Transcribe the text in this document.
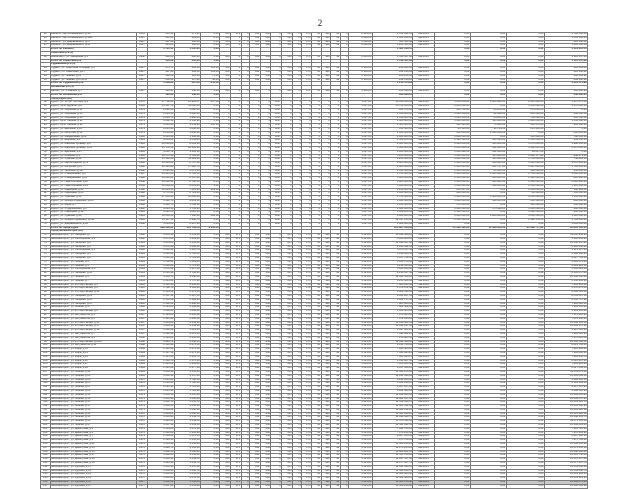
2
28	Рыльск г, пер Кочановского, д.10	1934	335,10	271,90	0,00	556	872	0	334	630	0	415	70	270	50	380	42	0	2 521,00	1 782 092,10	Авг.2019	0,00	0,00	0,00	1 782 092,10
29	Рыльск г, пер Кочановского, д.39/2	1917	512,60	289,00	0,00	556	0	0	334	630	0	415	70	270	50	380	42	0	2 090,00	1 009 184,05	Авг.2019	0,00	0,00	0,00	1 009 184,05
30	Рыльск г, ул. Дзержинского, д.17	1917	457,40	306,40	0,00	556	0	0	334	630	0	415	70	270	50	380	42	0	2 090,00	526 540,40	Авг.2019	0,00	0,00	0,00	526 540,40
31	Рыльск г, ул. Дзержинского, д.35	1917	415,00	338,00	0,00	556	0	0	334	630	0	415	70	270	50	380	42	0	2 090,00	1 263 500,00	Авг.2019	0,00	0,00	0,00	1 263 500,00
	Итого по Рыльск г		1 720,10	1 205,30	0,00															4 581 316,55		0,00	0,00	0,00	4 581 316,55
	Советский р-н (1)																								
32	Кшенский п, ул. Заводская, д.5	1952	436,00	402,00	0,00	556	0	0	334	630	0	415	70	270	50	380	42	0	2 895,00	1 116 457,80	Авг.2019	0,00	0,00	0,00	1 116 457,80
	Итого по Советский р-н		436,00	402,00	0,00															1 116 457,80		0,00	0,00	0,00	1 116 457,80
	Суджанский р-н (4)																								
33	Суджа г, ул. Советская площадь, д.4	1917	375,70	218,80	115,00	556	0	0	334	630	0	415	70	270	50	380	42	0	2 110,00	218 869,06	Авг.2019	0,00	0,00	0,00	218 869,06
34	Суджа г, пл. Советская, д.27	1917	307,00	194,40	112,80	556	0	0	334	630	0	415	70	270	50	380	42	0	2 110,00	412 196,82	Авг.2019	0,00	0,00	0,00	412 196,82
35	Суджа г, ул. Ленина, д.10	1917	198,00	116,30	71,60	556	0	0	334	630	0	415	70	270	50	380	42	0	2 110,00	286 269,90	Авг.2019	0,00	0,00	0,00	286 269,90
36	Суджа г, ул. Ленина, д.9 лит.Б	1917	208,90	167,80	42,00	556	0	0	334	630	0	415	70	270	50	380	42	0	2 110,00	299 138,20	Авг.2019	0,00	0,00	0,00	299 138,20
	Итого по Суджанский р-н		1 089,60	697,30	341,40															1 216 474,98		0,00	0,00	0,00	1 216 474,98
	Фатежский р-н (1)																								
37	Фатеж г, ул. К.Маркса, д.7	1917	196,00	148,50	0,00	556	0	0	334	0	0	415	70	270	50	380	42	0	2 110,00	336 696,00	Авг.2019	0,00	0,00	0,00	336 696,00
	Итого по Фатежский р-н		196,00	148,50	0,00															336 696,00		0,00	0,00	0,00	336 696,00
	город Курск (26)																								
38	Курск г, ул. 50 лет Октября, д.3	1976	27 782,20	21 993,07	317,50	0	0	0	0	0	1227	0	0	0	0	0	0	0	1 227,00	16 650 000,00	Авг.2019	1 264 656,00	1 683 360,00	8 343 686,00	5 357 276,00
39	Курск г, пр-кт Дружбы, д.2	1939	13 467,70	11 038,80	0,00	0	0	0	0	0	1227	0	0	0	0	0	0	0	1 227,00	15 720 000,00	Авг.2019	2 800 000,00	0,00	3 450 000,00	3 470 000,00
40	Курск г, ул. Сергеева, д.11	1979	2 821,50	1 892,10	0,00	0	0	0	0	0	1227	0	0	0	0	0	0	0	1 227,00	400 700,00	Авг.2019	400 700,00	86 256,00	274 864,00	0,00
41	Курск г, ул. Сергеева, д.13	1979	2 816,40	1 892,10	0,00	0	0	0	0	0	1227	0	0	0	0	0	0	0	1 227,00	4 650 000,00	Авг.2019	1 630 000,00	82 648,00	840 000,00	298 000,00
42	Курск г, ул. Сергеева, д.14	1979	2 863,70	1 938,40	0,00	0	0	0	0	0	1227	0	0	0	0	0	0	0	1 227,00	4 650 000,00	Авг.2019	1 615 950,00	84 260,00	780 000,00	364 790,00
43	Курск г, пр-кт Ленина, д.91	1973	4 002,30	3 160,90	0,00	0	0	0	0	0	1227	0	0	0	0	0	0	0	1 227,00	4 800 000,00	Авг.2019	1 020 000,00	110 000,00	1 620 000,00	3 050 000,00
44	Курск г, пр-кт Ленина, д.93	1973	4 013,40	3 659,80	145,00	0	0	0	0	0	1227	0	0	0	0	0	0	0	1 227,00	4 500 000,00	Авг.2019	500 123,00	73 000,00	400 678,00	389 180,00
45	Курск г, ул. Щепкина, д.19	1979	2 815,40	1 885,00	0,00	0	0	0	0	0	1227	0	0	0	0	0	0	0	1 227,00	910 460,00	Авг.2019	83 531,00	90 724,00	215 210,00	0,00
46	Курск г, ул. Ватутина, д.14	1975	2 860,20	1 858,20	0,00	0	0	0	0	0	1227	0	0	0	0	0	0	0	1 227,00	2 300 000,00	Авг.2019	350 000,00	1 450 000,00	0,00	500 000,00
47	Курск г, ул. Менделеева, д.28	1985	4 014,30	3 160,00	0,00	0	0	0	0	0	1227	0	0	0	0	0	0	0	1 227,00	2 900 000,00	Авг.2019	1 800 000,00	0,00	310 000,00	790 000,00
48	Курск г, ул. Широкая, д.2	1981	4 854,90	3 654,80	0,00	0	0	0	0	0	1227	0	0	0	0	0	0	0	1 227,00	2 600 000,00	Авг.2019	1 306 142,00	180 496,00	1 150 000,00	363 456,00
49	Курск г, ул. Майский бульвар, д.9	1985	10 063,80	8 089,20	0,00	0	0	0	0	0	1227	0	0	0	0	0	0	0	1 227,00	4 600 000,00	Авг.2019	1 404 650,00	123 000,00	1 073 885,00	1 998 465,00
50	Курск г, ул. Майский бульвар, д.16	1986	13 178,50	10 484,90	0,00	0	0	0	0	0	1227	0	0	0	0	0	0	0	1 227,00	5 600 000,00	Авг.2019	1 256 000,00	162 000,00	1 910 000,00	2 272 000,00
51	Курск г, ул. Щепкина, д.27	1983	4 012,70	3 165,30	0,00	0	0	0	0	0	1227	0	0	0	0	0	0	0	1 227,00	2 180 000,00	Авг.2019	2 040 980,00	102 000,00	84 647,00	0,00
52	Курск г, ул. Блинова, д.9	1989	12 272,10	9 784,80	0,00	0	0	0	0	0	1227	0	0	0	0	0	0	0	1 227,00	5 200 000,00	Авг.2019	1 520 000,00	115 000,00	2 691 177,00	948 273,00
53	Курск г, ул. Сумская, д.42	1984	14 542,60	11 489,20	0,00	0	0	0	0	0	1227	0	0	0	0	0	0	0	1 227,00	8 200 000,00	Авг.2019	3 200 000,00	500 000,00	3 750 000,00	750 000,00
54	Курск г, ул. Карла Маркса, д.73	1986	11 046,60	8 757,30	0,00	0	0	0	0	0	1227	0	0	0	0	0	0	0	1 227,00	8 600 000,00	Авг.2019	1 980 000,00	310 000,00	4 440 000,00	1 870 000,00
55	Курск г, ул. Косухина, д.27	1988	30 120,80	17 228,70	0,00	0	0	0	0	0	1227	0	0	0	0	0	0	0	1 227,00	9 600 000,00	Авг.2019	2 661 040,00	651 717,00	3 647 210,00	1 740 033,00
56	Курск г, ул. Энгельса, д.127	1988	2 826,30	1 874,30	0,00	0	0	0	0	0	1227	0	0	0	0	0	0	0	1 227,00	2 300 000,00	Авг.2019	1 380 000,00	80 000,00	590 000,00	250 000,00
57	Курск г, ул. Станционная, д.8	1987	11 023,50	8 792,50	0,00	0	0	0	0	0	1227	0	0	0	0	0	0	0	1 227,00	6 700 000,00	Авг.2019	2 000 000,00	1 000 000,00	2 700 000,00	1 000 000,00
58	Курск г, ул. Станционная, д.10	1989	10 685,60	8 547,40	0,00	0	0	0	0	0	1227	0	0	0	0	0	0	0	1 227,00	5 400 000,00	Авг.2019	2 100 000,00	150 000,00	2 321 620,00	828 380,00
59	Курск г, ул. Парк Солянка, д.10	1988	11 020,10	8 790,50	0,00	0	0	0	0	0	1227	0	0	0	0	0	0	0	1 227,00	8 800 000,00	Авг.2019	1 900 000,00	400 000,00	4 500 000,00	2 000 000,00
60	Курск г, ул. Парк Солянка, д.14	1989	11 069,00	8 833,80	0,00	0	0	0	0	0	1227	0	0	0	0	0	0	0	1 227,00	5 900 000,00	Авг.2019	1 630 000,00	310 000,00	2 650 000,00	1 310 000,00
61	Курск г, ул. Радищева, д.61	1992	11 644,50	7 235,90	913,60	0	0	0	0	0	1227	0	0	0	0	0	0	0	1 227,00	3 200 000,00	Авг.2019	251 017,00	0,00	1 950 000,00	998 983,00
62	Курск г, ул. Радищева, д.63	1992	4 776,50	2 719,40	0,00	0	0	0	0	0	1227	0	0	0	0	0	0	0	1 227,00	1 900 000,00	Авг.2019	620 000,00	0,00	780 000,00	500 000,00
63	Курск г, ул. Сумская, д.51	1990	17 069,40	12 866,00	0,00	0	0	0	0	0	1227	0	0	0	0	0	0	0	1 227,00	9 700 000,00	Авг.2019	2 400 000,00	1 400 000,00	4 600 000,00	1 300 000,00
64	Курск г, ул. Бойцов 9 Дивизии, д.187	1990	6 330,70	4 863,10	0,00	0	0	0	0	0	1227	0	0	0	0	0	0	0	1 227,00	3 600 000,00	Авг.2019	1 660 000,00	340 000,00	800 000,00	800 000,00
65	Курск г, ул. Мира, д.7	1992	4 938,70	3 796,10	0,00	0	0	0	0	0	1227	0	0	0	0	0	0	0	1 227,00	1 120 000,00	Авг.2019	570 000,00	0,00	420 000,00	130 000,00
66	Курск г, ул. Студенческая, д.3	1992	4 820,10	3 731,20	0,00	0	0	0	0	0	1227	0	0	0	0	0	0	0	1 227,00	2 800 000,00	Авг.2019	1 000 000,00	175 998,00	1 224 002,00	400 000,00
67	Курск г, ул. Радищева, д.32	1993	4 822,60	3 826,30	0,00	0	0	0	0	0	1227	0	0	0	0	0	0	0	1 227,00	2 600 000,00	Авг.2019	1 100 000,00	0,00	1 098 000,00	402 000,00
68	Курск г, ул. Сумская, д.39	1993	10 666,50	7 190,20	663,00	0	0	0	0	0	1227	0	0	0	0	0	0	0	1 227,00	8 060 000,00	Авг.2019	1 850 000,00	1 800 000,00	3 200 000,00	1 210 000,00
69	Курск г, ул. Бойцов 9 Дивизии, д.191	1994	15 117,10	8 996,70	0,00	0	0	0	0	0	1227	0	0	0	0	0	0	0	1 227,00	12 637 154,00	Авг.2019	2 510 000,00	0,00	8 422 550,00	1 704 604,00
70	Курск г, ул. Дзержинского, д.81	1958	3 216,60	2 437,90	0,00	0	0	0	0	0	1227	0	0	0	0	0	0	0	1 227,00	1 800 000,00	Авг.2019	0,00	0,00	0,00	1 800 000,00
	Итого по город Курск		296 066,30	221 709,56	2 018,50															165 837 614,00		45 306 193,00	10 038 000,00	65 682 777,00	35 813 195,00
	город Железногорск (66)																								
71	Железногорск г, ул. Гагарина, д.7	1962	3 953,30	3 553,30	0,00	556	975	0	334	630	0	415	70	270	50	380	42	0	3 521,00	11 098 959,20	Авг.2019	0,00	0,00	0,00	11 098 959,20
72	Железногорск г, ул. Октябрьская, д.2	1962	1 675,60	1 419,60	0,00	556	975	0	334	630	0	415	70	270	50	380	42	0	3 521,00	5 300 000,00	Авг.2019	0,00	0,00	0,00	5 300 000,00
73	Железногорск г, ул. Гагарина, д.6	1961	3 953,80	3 433,80	0,00	556	975	0	334	630	0	415	70	270	50	380	42	0	3 521,00	12 090 347,80	Авг.2019	0,00	0,00	0,00	12 090 347,80
74	Железногорск г, ул. Гагарина, д.3	1962	1 672,50	1 402,00	0,00	556	975	0	334	630	0	415	70	270	50	380	42	0	3 521,00	4 936 442,00	Авг.2019	0,00	0,00	0,00	4 936 442,00
75	Железногорск г, ул. Октябрьская, д.4	1962	1 681,90	1 412,70	0,00	556	975	0	334	630	0	415	70	270	50	380	42	0	3 521,00	4 974 117,00	Авг.2019	0,00	0,00	0,00	4 974 117,00
76	Железногорск г, ул. Гагарина, д.5	1963	2 013,00	1 760,40	0,00	556	975	0	334	630	0	415	70	270	50	380	42	0	3 521,00	6 198 368,40	Авг.2019	0,00	0,00	0,00	6 198 368,40
77	Железногорск г, ул. Гагарина, д.9	1963	1 994,10	1 709,10	0,00	556	975	0	334	630	0	415	70	270	50	380	42	0	3 521,00	6 017 741,10	Авг.2019	0,00	0,00	0,00	6 017 741,10
78	Железногорск г, ул. Ленина, д.5	1963	1 788,90	1 599,00	0,00	556	975	0	334	630	0	415	70	270	50	380	42	0	3 521,00	5 630 079,00	Авг.2019	0,00	0,00	0,00	5 630 079,00
79	Железногорск г, ул. Ленина, д.9	1964	2 018,80	1 772,20	0,00	556	975	0	334	630	0	415	70	270	50	380	42	0	3 521,00	6 239 916,20	Авг.2019	0,00	0,00	0,00	6 239 916,20
80	Железногорск г, ул. Октябрьская, д.8	1963	1 678,40	1 437,10	0,00	556	975	0	334	630	0	415	70	270	50	380	42	0	3 521,00	5 060 029,10	Авг.2019	0,00	0,00	0,00	5 060 029,10
81	Железногорск г, ул. Гагарина, д.11	1964	2 016,90	1 769,40	0,00	556	975	0	334	630	0	415	70	270	50	380	42	0	3 521,00	6 230 057,40	Авг.2019	0,00	0,00	0,00	6 230 057,40
82	Железногорск г, ул. Ленина, д.3	1963	3 954,70	3 548,00	0,00	556	975	0	334	630	0	415	70	270	50	380	42	0	3 521,00	12 492 508,00	Авг.2019	0,00	0,00	0,00	12 492 508,00
83	Железногорск г, ул. Ленина, д.7	1964	2 019,60	1 776,90	0,00	556	975	0	334	630	0	415	70	270	50	380	42	0	3 521,00	6 256 464,90	Авг.2019	0,00	0,00	0,00	6 256 464,90
84	Железногорск г, ул. 21 Партсъезда, д.5	1965	2 511,40	2 262,40	0,00	556	975	0	334	630	0	415	70	270	50	380	42	0	3 521,00	7 965 910,40	Авг.2019	0,00	0,00	0,00	7 965 910,40
85	Железногорск г, ул. 21 Партсъезда, д.6	1965	1 798,70	1 584,40	0,00	556	975	0	334	630	0	415	70	270	50	380	42	0	3 521,00	5 578 672,40	Авг.2019	0,00	0,00	0,00	5 578 672,40
86	Железногорск г, ул. 21 Партсъезда, д.11	1966	2 514,50	2 274,50	0,00	556	975	0	334	630	0	415	70	270	50	380	42	0	3 521,00	8 008 514,50	Авг.2019	0,00	0,00	0,00	8 008 514,50
87	Железногорск г, ул. Гагарина, д.13	1966	2 557,50	2 287,50	0,00	556	975	0	334	630	0	415	70	270	50	380	42	0	3 521,00	8 054 287,50	Авг.2019	0,00	0,00	0,00	8 054 287,50
88	Железногорск г, ул. Гагарина, д.15	1966	2 551,90	2 289,90	0,00	556	975	0	334	630	0	415	70	270	50	380	42	0	3 521,00	8 062 737,90	Авг.2019	0,00	0,00	0,00	8 062 737,90
89	Железногорск г, ул. Гагарина, д.17	1966	2 532,00	2 268,00	0,00	556	975	0	334	630	0	415	70	270	50	380	42	0	3 521,00	7 985 628,00	Авг.2019	0,00	0,00	0,00	7 985 628,00
90	Железногорск г, ул. Ленина, д.17	1966	2 523,00	2 262,00	0,00	556	975	0	334	630	0	415	70	270	50	380	42	0	3 521,00	7 964 502,00	Авг.2019	0,00	0,00	0,00	7 964 502,00
91	Железногорск г, ул. 21 Партсъезда, д.9	1966	1 681,00	1 409,80	0,00	556	975	0	334	630	0	415	70	270	50	380	42	0	3 521,00	4 963 905,80	Авг.2019	0,00	0,00	0,00	4 963 905,80
92	Железногорск г, ул. Энтузиастов, д.3	1967	2 529,80	2 265,00	0,00	556	975	0	334	630	0	415	70	270	50	380	42	0	3 521,00	7 975 065,00	Авг.2019	0,00	0,00	0,00	7 975 065,00
93	Железногорск г, ул. Энтузиастов, д.5	1967	2 495,00	2 236,00	0,00	556	975	0	334	630	0	415	70	270	50	380	42	0	3 521,00	7 872 956,00	Авг.2019	0,00	0,00	0,00	7 872 956,00
94	Железногорск г, ул. 21 Партсъезда, д.15	1967	3 954,00	3 549,10	0,00	556	975	0	334	630	0	415	70	270	50	380	42	0	3 521,00	12 496 381,10	Авг.2019	0,00	0,00	0,00	12 496 381,10
95	Железногорск г, ул. 21 Партсъезда, д.17	1967	3 960,40	3 549,90	0,00	556	975	0	334	630	0	415	70	270	50	380	42	0	3 521,00	12 499 197,90	Авг.2019	0,00	0,00	0,00	12 499 197,90
96	Железногорск г, ул. 21 Партсъезда, д.19	1967	1 692,00	1 419,20	0,00	556	975	0	334	630	0	415	70	270	50	380	42	0	3 521,00	4 997 003,20	Авг.2019	0,00	0,00	0,00	4 997 003,20
97	Железногорск г, ул. Энтузиастов, д.7	1967	2 534,30	2 270,10	0,00	556	975	0	334	630	0	415	70	270	50	380	42	0	3 521,00	7 993 022,10	Авг.2019	0,00	0,00	0,00	7 993 022,10
98	Железногорск г, ул. Энтузиастов, д.9	1968	2 529,00	2 265,50	0,00	556	975	0	334	630	0	415	70	270	50	380	42	0	3 521,00	7 976 825,50	Авг.2019	0,00	0,00	0,00	7 976 825,50
99	Железногорск г, ул. 21 Партсъезда, д.20/А	1968	3 946,70	3 548,00	0,00	556	975	0	334	630	0	415	70	270	50	380	42	0	3 521,00	12 492 508,00	Авг.2019	0,00	0,00	0,00	12 492 508,00
100	Железногорск г, ул. Энтузиастов, д.11	1968	2 536,90	2 276,00	0,00	556	975	0	334	630	0	415	70	270	50	380	42	0	3 521,00	8 013 796,00	Авг.2019	0,00	0,00	0,00	8 013 796,00
101	Железногорск г, ул. Мира, д.19	1969	2 536,10	2 270,80	0,00	556	975	0	334	630	0	415	70	270	50	380	42	0	3 521,00	7 995 486,80	Авг.2019	0,00	0,00	0,00	7 995 486,80
102	Железногорск г, ул. Мира, д.21	1969	2 537,10	2 271,20	0,00	556	975	0	334	630	0	415	70	270	50	380	42	0	3 521,00	7 996 895,20	Авг.2019	0,00	0,00	0,00	7 996 895,20
103	Железногорск г, ул. Мира, д.23	1969	2 525,40	2 261,70	0,00	556	975	0	334	630	0	415	70	270	50	380	42	0	3 521,00	7 963 445,70	Авг.2019	0,00	0,00	0,00	7 963 445,70
104	Железногорск г, ул. Мира, д.25	1969	2 539,70	2 275,60	0,00	556	975	0	334	630	0	415	70	270	50	380	42	0	3 521,00	8 012 387,60	Авг.2019	0,00	0,00	0,00	8 012 387,60
105	Железногорск г, ул. Мира, д.27	1969	2 526,60	2 262,40	0,00	556	975	0	334	630	0	415	70	270	50	380	42	0	3 521,00	7 965 910,40	Авг.2019	0,00	0,00	0,00	7 965 910,40
106	Железногорск г, ул. Мира, д.29	1969	2 541,40	2 277,10	0,00	556	975	0	334	630	0	415	70	270	50	380	42	0	3 521,00	8 017 669,10	Авг.2019	0,00	0,00	0,00	8 017 669,10
107	Железногорск г, ул. Ленина, д.19	1969	3 958,30	3 553,50	0,00	556	975	0	334	630	0	415	70	270	50	380	42	0	3 521,00	12 511 873,50	Авг.2019	0,00	0,00	0,00	12 511 873,50
108	Железногорск г, ул. Ленина, д.21	1969	3 951,60	3 547,60	0,00	556	975	0	334	630	0	415	70	270	50	380	42	0	3 521,00	12 491 099,60	Авг.2019	0,00	0,00	0,00	12 491 099,60
109	Железногорск г, ул. Ленина, д.23	1970	2 014,80	1 786,50	0,00	556	975	0	334	630	0	415	70	270	50	380	42	0	3 521,00	6 290 266,50	Авг.2019	0,00	0,00	0,00	6 290 266,50
110	Железногорск г, ул. Ленина, д.25	1970	2 019,40	1 790,20	0,00	556	975	0	334	630	0	415	70	270	50	380	42	0	3 521,00	6 303 294,20	Авг.2019	0,00	0,00	0,00	6 303 294,20
111	Железногорск г, ул. Ленина, д.27	1970	2 021,30	1 791,30	0,00	556	975	0	334	630	0	415	70	270	50	380	42	0	3 521,00	6 307 167,30	Авг.2019	0,00	0,00	0,00	6 307 167,30
112	Железногорск г, ул. Ленина, д.29	1970	2 013,30	1 784,30	0,00	556	975	0	334	630	0	415	70	270	50	380	42	0	3 521,00	6 282 520,30	Авг.2019	0,00	0,00	0,00	6 282 520,30
113	Железногорск г, ул. Ленина, д.31	1971	3 954,10	3 547,80	0,00	556	975	0	334	630	0	415	70	270	50	380	42	0	3 521,00	12 491 803,80	Авг.2019	0,00	0,00	0,00	12 491 803,80
114	Железногорск г, ул. Ленина, д.33	1971	3 951,40	3 545,60	0,00	556	975	0	334	630	0	415	70	270	50	380	42	0	3 521,00	12 484 057,60	Авг.2019	0,00	0,00	0,00	12 484 057,60
115	Железногорск г, ул. Ленина, д.35	1971	3 961,70	3 555,70	0,00	556	975	0	334	630	0	415	70	270	50	380	42	0	3 521,00	12 519 619,70	Авг.2019	0,00	0,00	0,00	12 519 619,70
116	Железногорск г, ул. Ленина, д.37	1971	3 950,60	3 544,90	0,00	556	975	0	334	630	0	415	70	270	50	380	42	0	3 521,00	12 481 592,90	Авг.2019	0,00	0,00	0,00	12 481 592,90
117	Железногорск г, ул. Ленина, д.39	1971	3 953,90	3 548,20	0,00	556	975	0	334	630	0	415	70	270	50	380	42	0	3 521,00	12 493 212,20	Авг.2019	0,00	0,00	0,00	12 493 212,20
118	Железногорск г, ул. Ленина, д.41	1972	3 961,80	3 556,10	0,00	556	975	0	334	630	0	415	70	270	50	380	42	0	3 521,00	12 521 028,10	Авг.2019	0,00	0,00	0,00	12 521 028,10
119	Железногорск г, ул. Ленина, д.43	1972	3 955,40	3 549,70	0,00	556	975	0	334	630	0	415	70	270	50	380	42	0	3 521,00	12 498 493,70	Авг.2019	0,00	0,00	0,00	12 498 493,70
120	Железногорск г, ул. Ленина, д.45	1972	3 949,00	3 543,40	0,00	556	975	0	334	630	0	415	70	270	50	380	42	0	3 521,00	12 476 311,40	Авг.2019	0,00	0,00	0,00	12 476 311,40
121	Железногорск г, ул. Ленина, д.47	1972	3 957,30	3 551,50	0,00	556	975	0	334	630	0	415	70	270	50	380	42	0	3 521,00	12 504 831,50	Авг.2019	0,00	0,00	0,00	12 504 831,50
122	Железногорск г, ул. Димитрова, д.3	1973	2 534,80	2 270,30	0,00	556	975	0	334	630	0	415	70	270	50	380	42	0	3 521,00	7 993 726,30	Авг.2019	0,00	0,00	0,00	7 993 726,30
123	Железногорск г, ул. Димитрова, д.5	1973	2 530,20	2 265,90	0,00	556	975	0	334	630	0	415	70	270	50	380	42	0	3 521,00	7 978 233,90	Авг.2019	0,00	0,00	0,00	7 978 233,90
124	Железногорск г, ул. Димитрова, д.7	1973	2 538,60	2 274,10	0,00	556	975	0	334	630	0	415	70	270	50	380	42	0	3 521,00	8 007 106,10	Авг.2019	0,00	0,00	0,00	8 007 106,10
125	Железногорск г, ул. Димитрова, д.9	1973	2 529,50	2 265,20	0,00	556	975	0	334	630	0	415	70	270	50	380	42	0	3 521,00	7 975 769,20	Авг.2019	0,00	0,00	0,00	7 975 769,20
126	Железногорск г, ул. Димитрова, д.11	1974	3 955,90	3 550,20	0,00	556	975	0	334	630	0	415	70	270	50	380	42	0	3 521,00	12 500 254,20	Авг.2019	0,00	0,00	0,00	12 500 254,20
127	Железногорск г, ул. Димитрова, д.13	1974	3 948,70	3 543,10	0,00	556	975	0	334	630	0	415	70	270	50	380	42	0	3 521,00	12 475 255,10	Авг.2019	0,00	0,00	0,00	12 475 255,10
128	Железногорск г, ул. Димитрова, д.15	1974	3 952,50	3 546,80	0,00	556	975	0	334	630	0	415	70	270	50	380	42	0	3 521,00	12 488 282,80	Авг.2019	0,00	0,00	0,00	12 488 282,80
129	Железногорск г, ул. Димитрова, д.17	1974	3 960,20	3 554,60	0,00	556	975	0	334	630	0	415	70	270	50	380	42	0	3 521,00	12 515 746,60	Авг.2019	0,00	0,00	0,00	12 515 746,60
130	Железногорск г, ул. Димитрова, д.19	1975	3 955,10	3 549,40	0,00	556	975	0	334	630	0	415	70	270	50	380	42	0	3 521,00	12 497 437,40	Авг.2019	0,00	0,00	0,00	12 497 437,40
131	Железногорск г, ул. Димитрова, д.21	1975	3 949,30	3 543,70	0,00	556	975	0	334	630	0	415	70	270	50	380	42	0	3 521,00	12 477 367,70	Авг.2019	0,00	0,00	0,00	12 477 367,70
132	Железногорск г, ул. Курская, д.37	1976	3 953,30	3 547,60	0,00	556	975	0	334	630	0	415	70	270	50	380	42	0	3 521,00	12 491 099,60	Авг.2019	0,00	0,00	0,00	12 491 099,60
133	Железногорск г, ул. Курская, д.39	1976	3 958,40	3 552,70	0,00	556	975	0	334	630	0	415	70	270	50	380	42	0	3 521,00	12 509 056,70	Авг.2019	0,00	0,00	0,00	12 509 056,70
134	Железногорск г, ул. Курская, д.41	1976	3 950,60	3 545,00	0,00	556	975	0	334	630	0	415	70	270	50	380	42	0	3 521,00	12 481 945,00	Авг.2019	0,00	0,00	0,00	12 481 945,00
135	Железногорск г, ул. Курская, д.43	1977	3 956,80	3 551,10	0,00	556	975	0	334	630	0	415	70	270	50	380	42	0	3 521,00	12 503 423,10	Авг.2019	0,00	0,00	0,00	12 503 423,10
136	Железногорск г, ул. Курская, д.45	1977	3 952,10	3 546,40	0,00	556	975	0	334	630	0	415	70	270	50	380	42	0	3 521,00	12 486 874,40	Авг.2019	0,00	0,00	0,00	12 486 874,40
137	Железногорск г, ул. Курская, д.47	1977	3 957,60	3 551,90	0,00	556	975	0	334	630	0	415	70	270	50	380	42	0	3 521,00	12 506 239,90	Авг.2019	0,00	0,00	0,00	12 506 239,90
